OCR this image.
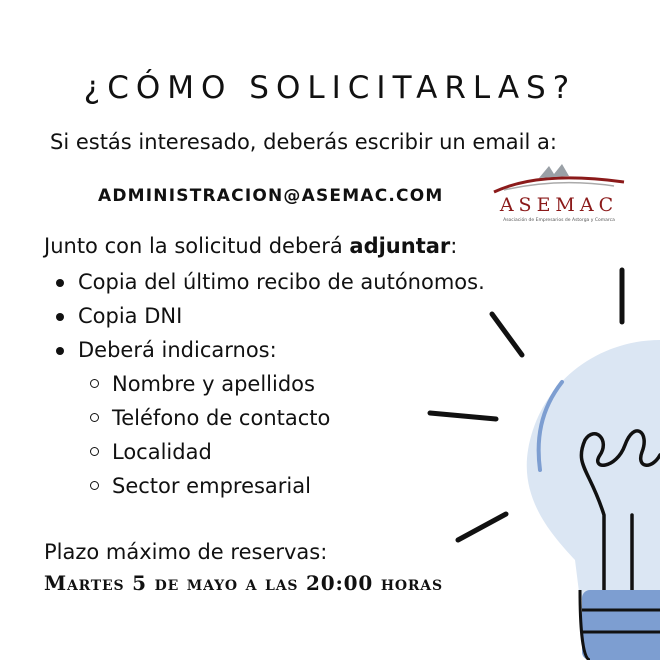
¿CÓMO SOLICITARLAS?
Si estás interesado, deberás escribir un email a:
ADMINISTRACION@ASEMAC.COM	ASEMAC
Asociación de Empresarios de Astorga y Comarca
Junto con la solicitud deberá adjuntar:
Copia del último recibo de autónomos.
Copia DNI
Deberá indicarnos:
Nombre y apellidos
Teléfono de contacto
Localidad
Sector empresarial
Plazo máximo de reservas:
Martes 5 de mayo a las 20:00 horas
